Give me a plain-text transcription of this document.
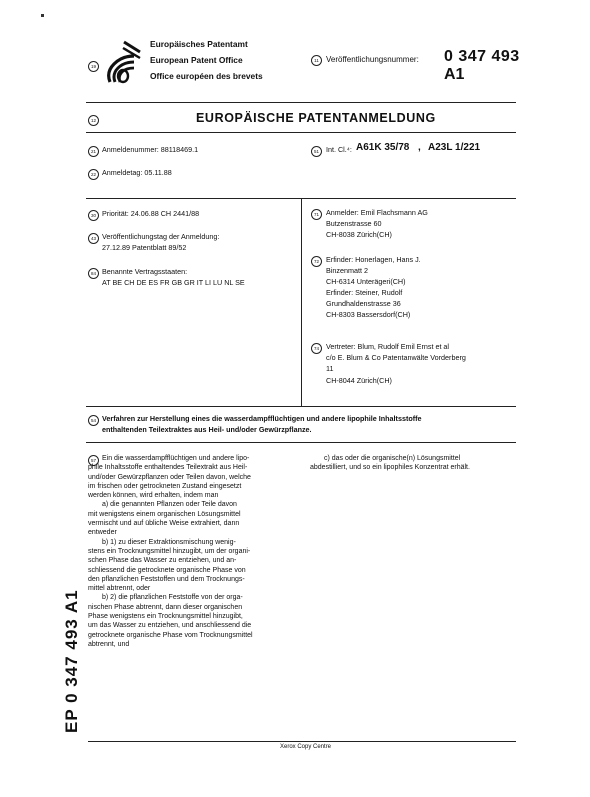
19
Europäisches Patentamt
European Patent Office
Office européen des brevets
11 Veröffentlichungsnummer: 0 347 493
A1
12	EUROPÄISCHE PATENTANMELDUNG
21 Anmeldenummer: 88118469.1
22 Anmeldetag: 05.11.88
51 Int. Cl.⁴: A61K 35/78 , A23L 1/221
30 Priorität: 24.06.88 CH 2441/88
43 Veröffentlichungstag der Anmeldung:
27.12.89 Patentblatt 89/52
84 Benannte Vertragsstaaten:
AT BE CH DE ES FR GB GR IT LI LU NL SE
71 Anmelder: Emil Flachsmann AG
Butzenstrasse 60
CH-8038 Zürich(CH)
72 Erfinder: Honerlagen, Hans J.
Binzenmatt 2
CH-6314 Unterägeri(CH)
Erfinder: Steiner, Rudolf
Grundhaldenstrasse 36
CH-8303 Bassersdorf(CH)
74 Vertreter: Blum, Rudolf Emil Ernst et al
c/o E. Blum & Co Patentanwälte Vorderberg
11
CH-8044 Zürich(CH)
54 Verfahren zur Herstellung eines die wasserdampfflüchtigen und andere lipophile Inhaltsstoffe
enthaltenden Teilextraktes aus Heil- und/oder Gewürzpflanze.
57 Ein die wasserdampfflüchtigen und andere lipo-

phile Inhaltsstoffe enthaltendes Teilextrakt aus Heil-

und/oder Gewürzpflanzen oder Teilen davon, welche

im frischen oder getrockneten Zustand eingesetzt

werden können, wird erhalten, indem man

a) die genannten Pflanzen oder Teile davon

mit wenigstens einem organischen Lösungsmittel

vermischt und auf übliche Weise extrahiert, dann

entweder

b) 1) zu dieser Extraktionsmischung wenig-

stens ein Trocknungsmittel hinzugibt, um der organi-

schen Phase das Wasser zu entziehen, und an-

schliessend die getrocknete organische Phase von

den pflanzlichen Feststoffen und dem Trocknungs-

mittel abtrennt, oder

b) 2) die pflanzlichen Feststoffe von der orga-

nischen Phase abtrennt, dann dieser organischen

Phase wenigstens ein Trocknungsmittel hinzugibt,

um das Wasser zu entziehen, und anschliessend die

getrocknete organische Phase vom Trocknungsmittel

abtrennt, und

c) das oder die organische(n) Lösungsmittel

abdestilliert, und so ein lipophiles Konzentrat erhält.

EP 0 347 493 A1
Xerox Copy Centre
